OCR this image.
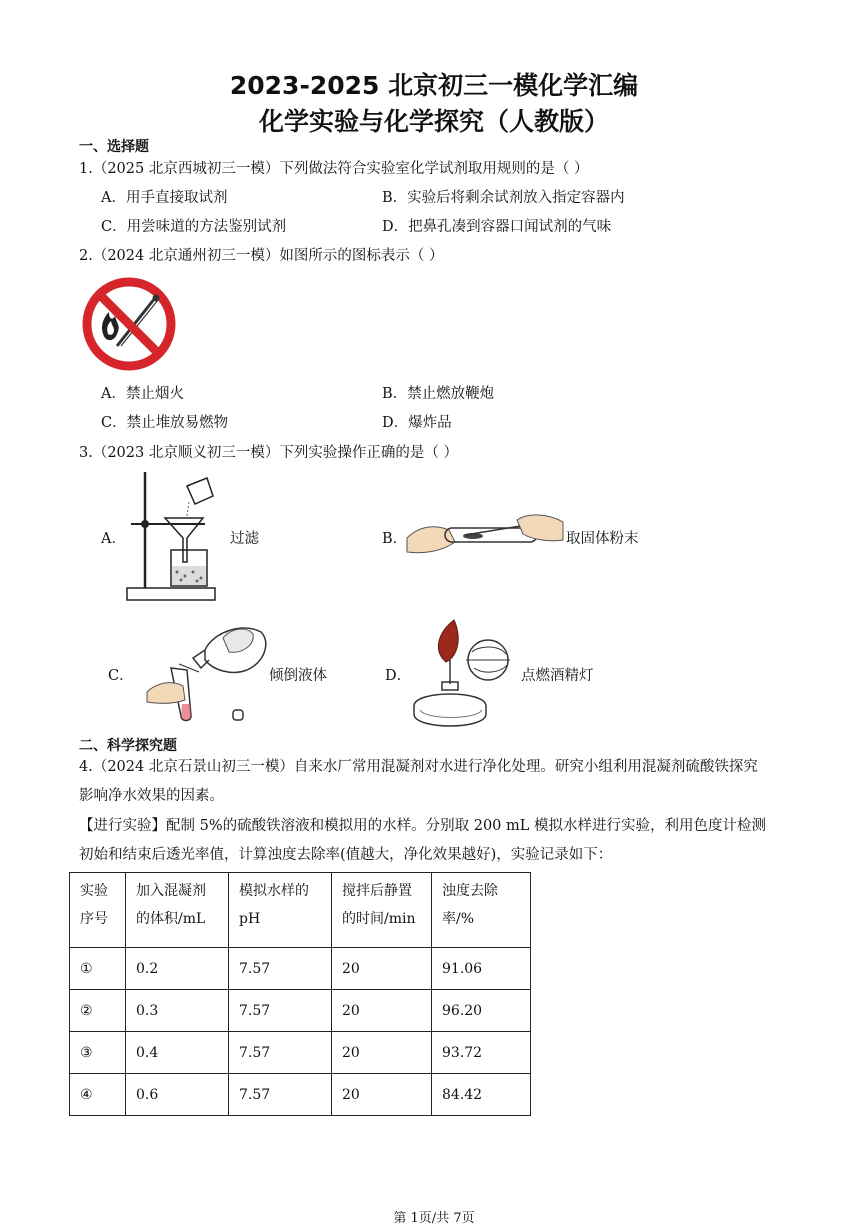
2023-2025 北京初三一模化学汇编
化学实验与化学探究（人教版）
一、选择题
1.（2025 北京西城初三一模）下列做法符合实验室化学试剂取用规则的是（ ）
A．用手直接取试剂	B．实验后将剩余试剂放入指定容器内
C．用尝味道的方法鉴别试剂	D．把鼻孔凑到容器口闻试剂的气味
2.（2024 北京通州初三一模）如图所示的图标表示（ ）
A．禁止烟火	B．禁止燃放鞭炮
C．禁止堆放易燃物	D．爆炸品
3.（2023 北京顺义初三一模）下列实验操作正确的是（ ）
A．	过滤	B．	取固体粉末
C．	倾倒液体	D．	点燃酒精灯
二、科学探究题
4.（2024 北京石景山初三一模）自来水厂常用混凝剂对水进行净化处理。研究小组利用混凝剂硫酸铁探究
影响净水效果的因素。
【进行实验】配制 5%的硫酸铁溶液和模拟用的水样。分别取 200 mL 模拟水样进行实验，利用色度计检测
初始和结束后透光率值，计算浊度去除率(值越大，净化效果越好)，实验记录如下：
实验序号	加入混凝剂的体积/mL	模拟水样的pH	搅拌后静置的时间/min	浊度去除率/%
①	0.2	7.57	20	91.06
②	0.3	7.57	20	96.20
③	0.4	7.57	20	93.72
④	0.6	7.57	20	84.42
第 1页/共 7页
